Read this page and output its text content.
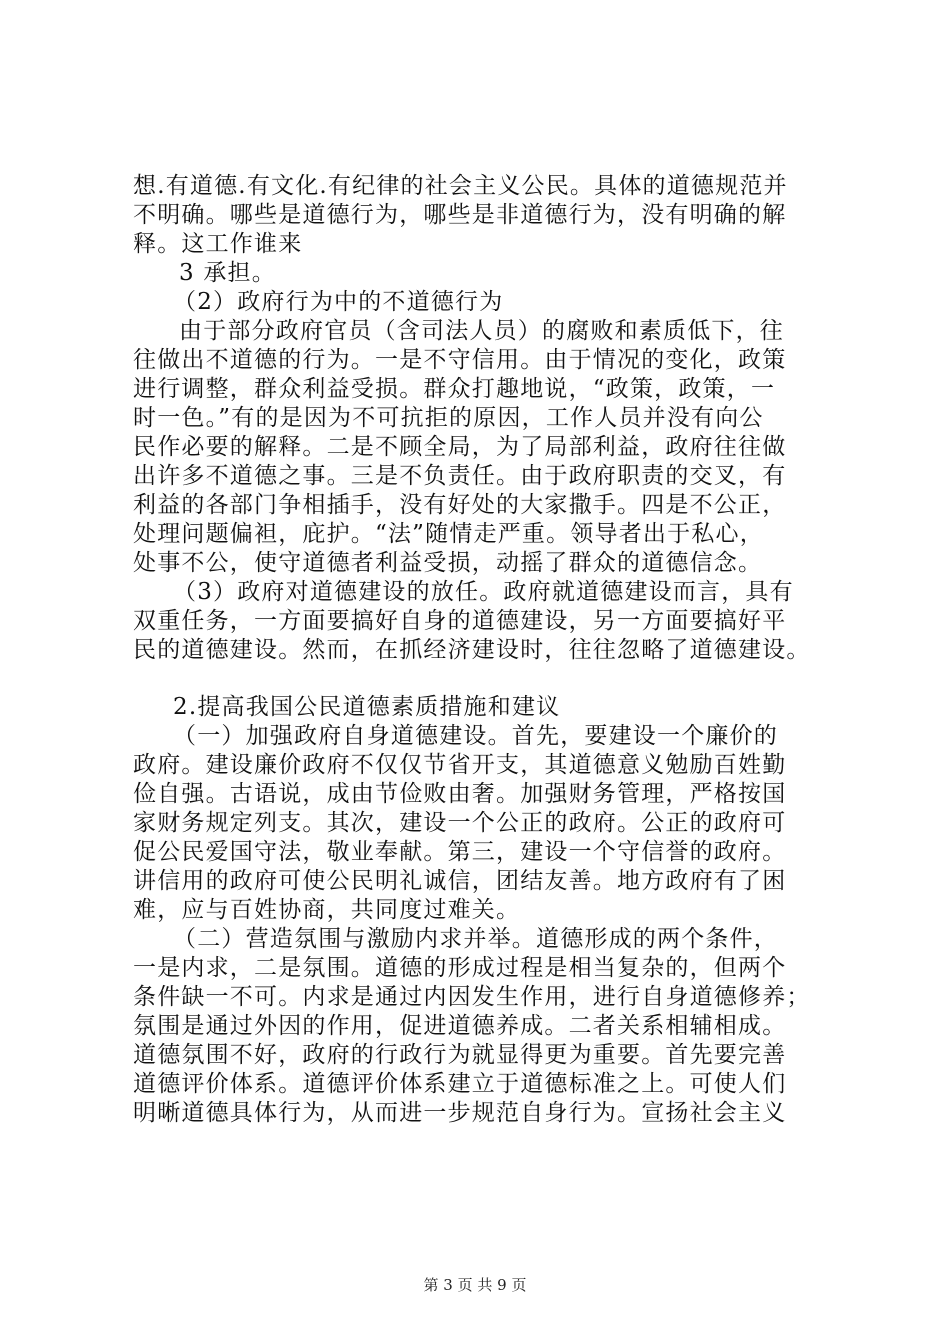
想.有道德.有文化.有纪律的社会主义公民。具体的道德规范并
不明确。哪些是道德行为，哪些是非道德行为，没有明确的解
释。这工作谁来
3 承担。
（2）政府行为中的不道德行为
由于部分政府官员（含司法人员）的腐败和素质低下，往
往做出不道德的行为。一是不守信用。由于情况的变化，政策
进行调整，群众利益受损。群众打趣地说，“政策，政策，一
时一色。”有的是因为不可抗拒的原因，工作人员并没有向公
民作必要的解释。二是不顾全局，为了局部利益，政府往往做
出许多不道德之事。三是不负责任。由于政府职责的交叉，有
利益的各部门争相插手，没有好处的大家撒手。四是不公正，
处理问题偏袒，庇护。“法”随情走严重。领导者出于私心，
处事不公，使守道德者利益受损，动摇了群众的道德信念。
（3）政府对道德建设的放任。政府就道德建设而言，具有
双重任务，一方面要搞好自身的道德建设，另一方面要搞好平
民的道德建设。然而，在抓经济建设时，往往忽略了道德建设。
2.提高我国公民道德素质措施和建议
（一）加强政府自身道德建设。首先，要建设一个廉价的
政府。建设廉价政府不仅仅节省开支，其道德意义勉励百姓勤
俭自强。古语说，成由节俭败由奢。加强财务管理，严格按国
家财务规定列支。其次，建设一个公正的政府。公正的政府可
促公民爱国守法，敬业奉献。第三，建设一个守信誉的政府。
讲信用的政府可使公民明礼诚信，团结友善。地方政府有了困
难，应与百姓协商，共同度过难关。
（二）营造氛围与激励内求并举。道德形成的两个条件，
一是内求，二是氛围。道德的形成过程是相当复杂的，但两个
条件缺一不可。内求是通过内因发生作用，进行自身道德修养；
氛围是通过外因的作用，促进道德养成。二者关系相辅相成。
道德氛围不好，政府的行政行为就显得更为重要。首先要完善
道德评价体系。道德评价体系建立于道德标准之上。可使人们
明晰道德具体行为，从而进一步规范自身行为。宣扬社会主义
第 3 页 共 9 页
